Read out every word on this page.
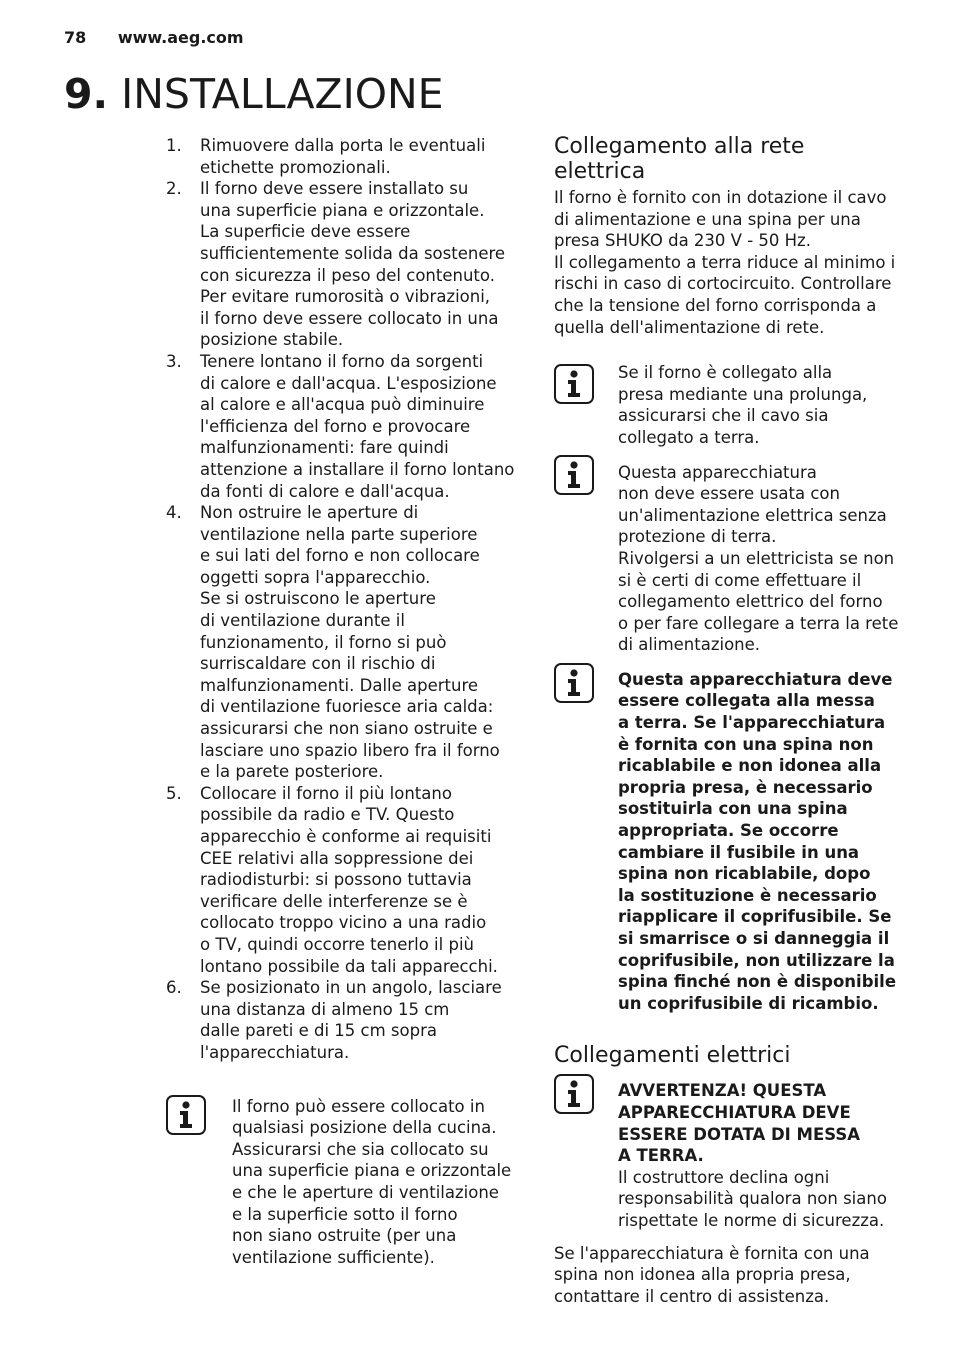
78 www.aeg.com
9. INSTALLAZIONE
1.	Rimuovere dalla porta le eventuali
etichette promozionali.
2.	Il forno deve essere installato su
una superficie piana e orizzontale.
La superficie deve essere
sufficientemente solida da sostenere
con sicurezza il peso del contenuto.
Per evitare rumorosità o vibrazioni,
il forno deve essere collocato in una
posizione stabile.
3.	Tenere lontano il forno da sorgenti
di calore e dall'acqua. L'esposizione
al calore e all'acqua può diminuire
l'efficienza del forno e provocare
malfunzionamenti: fare quindi
attenzione a installare il forno lontano
da fonti di calore e dall'acqua.
4.	Non ostruire le aperture di
ventilazione nella parte superiore
e sui lati del forno e non collocare
oggetti sopra l'apparecchio.
Se si ostruiscono le aperture
di ventilazione durante il
funzionamento, il forno si può
surriscaldare con il rischio di
malfunzionamenti. Dalle aperture
di ventilazione fuoriesce aria calda:
assicurarsi che non siano ostruite e
lasciare uno spazio libero fra il forno
e la parete posteriore.
5.	Collocare il forno il più lontano
possibile da radio e TV. Questo
apparecchio è conforme ai requisiti
CEE relativi alla soppressione dei
radiodisturbi: si possono tuttavia
verificare delle interferenze se è
collocato troppo vicino a una radio
o TV, quindi occorre tenerlo il più
lontano possibile da tali apparecchi.
6.	Se posizionato in un angolo, lasciare
una distanza di almeno 15 cm
dalle pareti e di 15 cm sopra
l'apparecchiatura.
Il forno può essere collocato in
qualsiasi posizione della cucina.
Assicurarsi che sia collocato su
una superficie piana e orizzontale
e che le aperture di ventilazione
e la superficie sotto il forno
non siano ostruite (per una
ventilazione sufficiente).
Collegamento alla rete
elettrica

Il forno è fornito con in dotazione il cavo
di alimentazione e una spina per una
presa SHUKO da 230 V - 50 Hz.
Il collegamento a terra riduce al minimo i
rischi in caso di cortocircuito. Controllare
che la tensione del forno corrisponda a
quella dell'alimentazione di rete.

Se il forno è collegato alla
presa mediante una prolunga,
assicurarsi che il cavo sia
collegato a terra.
Questa apparecchiatura
non deve essere usata con
un'alimentazione elettrica senza
protezione di terra.
Rivolgersi a un elettricista se non
si è certi di come effettuare il
collegamento elettrico del forno
o per fare collegare a terra la rete
di alimentazione.
Questa apparecchiatura deve
essere collegata alla messa
a terra. Se l'apparecchiatura
è fornita con una spina non
ricablabile e non idonea alla
propria presa, è necessario
sostituirla con una spina
appropriata. Se occorre
cambiare il fusibile in una
spina non ricablabile, dopo
la sostituzione è necessario
riapplicare il coprifusibile. Se
si smarrisce o si danneggia il
coprifusibile, non utilizzare la
spina finché non è disponibile
un coprifusibile di ricambio.
Collegamenti elettrici
AVVERTENZA! QUESTA
APPARECCHIATURA DEVE
ESSERE DOTATA DI MESSA
A TERRA.
Il costruttore declina ogni
responsabilità qualora non siano
rispettate le norme di sicurezza.

Se l'apparecchiatura è fornita con una
spina non idonea alla propria presa,
contattare il centro di assistenza.
